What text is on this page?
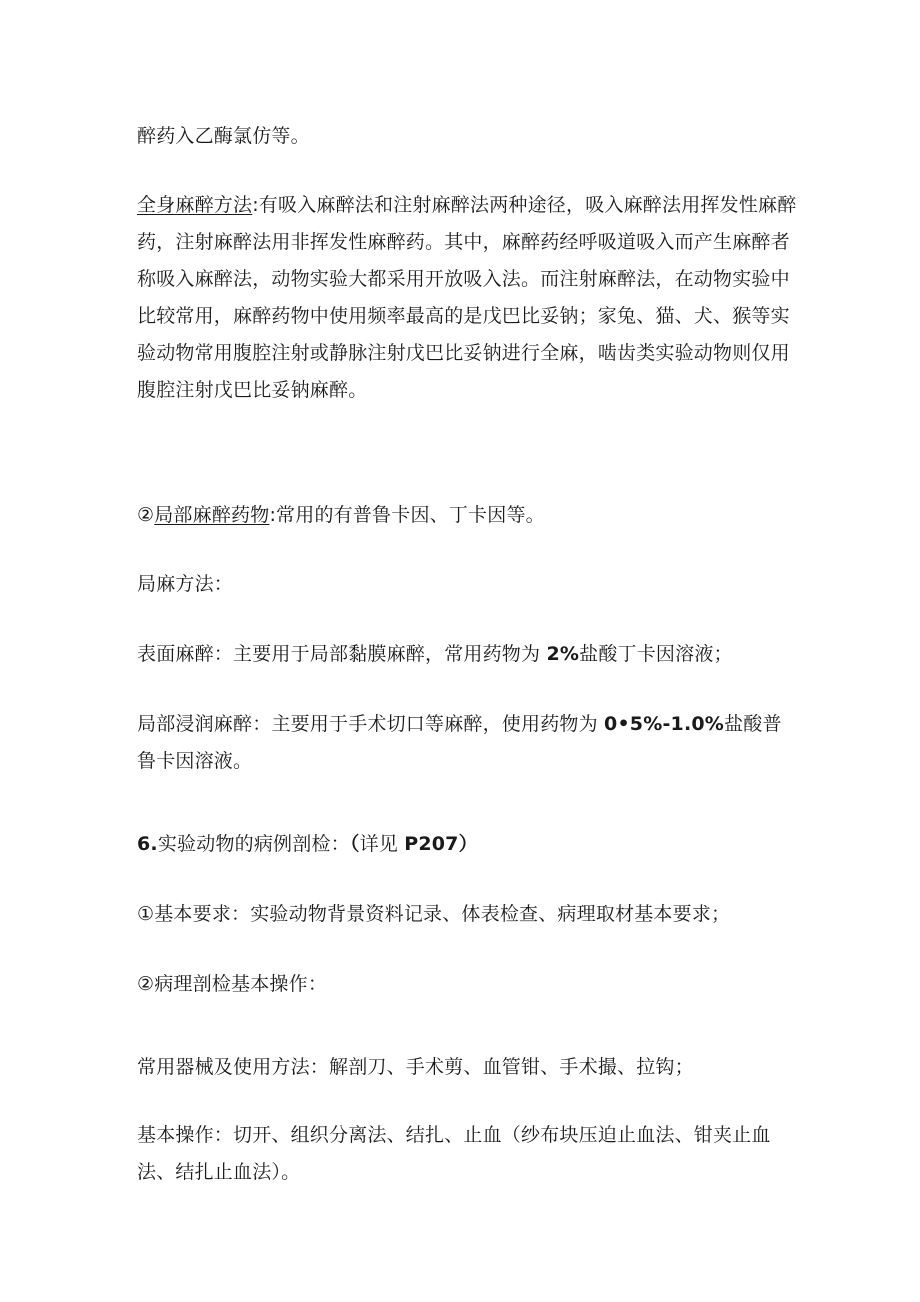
醉药入乙酶氯仿等。
全身麻醉方法:有吸入麻醉法和注射麻醉法两种途径，吸入麻醉法用挥发性麻醉药，注射麻醉法用非挥发性麻醉药。其中，麻醉药经呼吸道吸入而产生麻醉者称吸入麻醉法，动物实验大都采用开放吸入法。而注射麻醉法，在动物实验中比较常用，麻醉药物中使用频率最高的是戊巴比妥钠；家兔、猫、犬、猴等实验动物常用腹腔注射或静脉注射戊巴比妥钠进行全麻，啮齿类实验动物则仅用腹腔注射戊巴比妥钠麻醉。
②局部麻醉药物:常用的有普鲁卡因、丁卡因等。
局麻方法：
表面麻醉：主要用于局部黏膜麻醉，常用药物为 2%盐酸丁卡因溶液；
局部浸润麻醉：主要用于手术切口等麻醉，使用药物为 0•5%-1.0%盐酸普鲁卡因溶液。
6.实验动物的病例剖检：（详见 P207）
①基本要求：实验动物背景资料记录、体表检查、病理取材基本要求；
②病理剖检基本操作：
常用器械及使用方法：解剖刀、手术剪、血管钳、手术撮、拉钩；
基本操作：切开、组织分离法、结扎、止血（纱布块压迫止血法、钳夹止血法、结扎止血法）。
